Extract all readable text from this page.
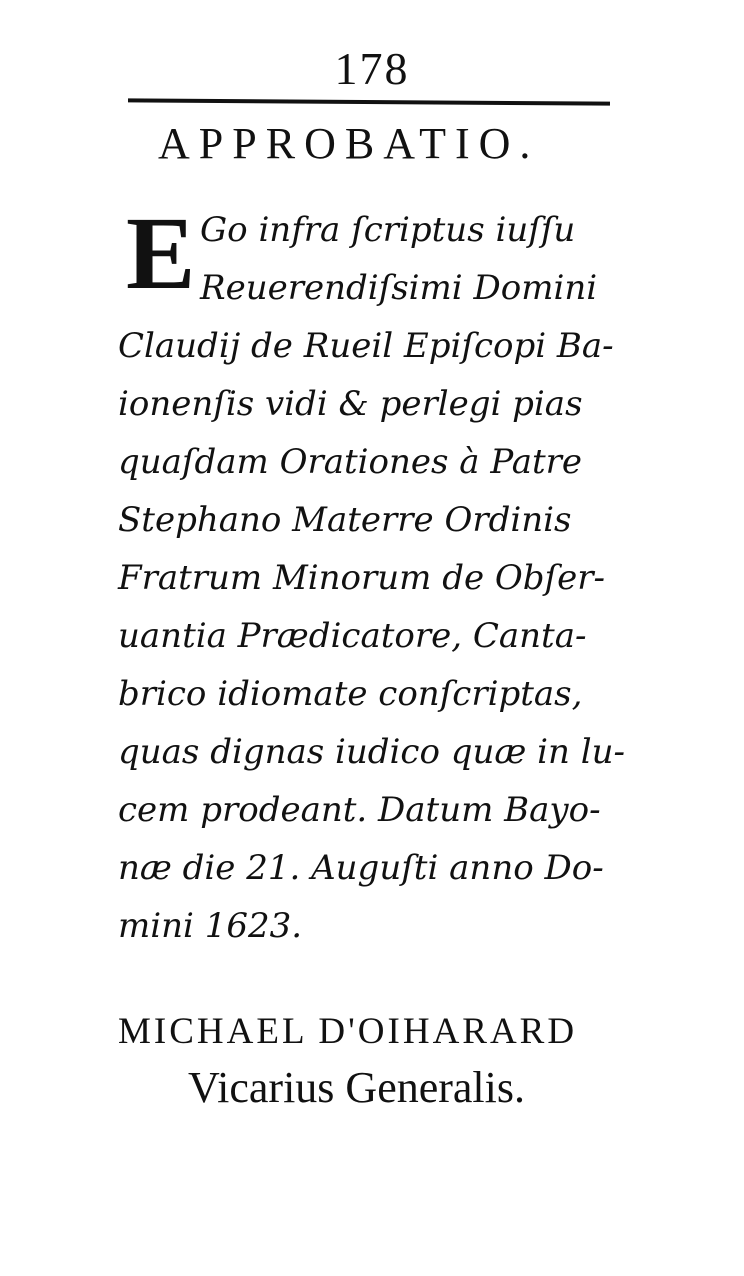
178
APPROBATIO.
E Go infra ſcriptus iuſſu
Reuerendiſsimi Domini
Claudij de Rueil Epiſcopi Ba-
ionenſis vidi & perlegi pias
quaſdam Orationes à Patre
Stephano Materre Ordinis
Fratrum Minorum de Obſer-
uantia Prædicatore, Canta-
brico idiomate conſcriptas,
quas dignas iudico quæ in lu-
cem prodeant. Datum Bayo-
næ die 21. Auguſti anno Do-
mini 1623.
MICHAEL D'OIHARARD
Vicarius Generalis.
